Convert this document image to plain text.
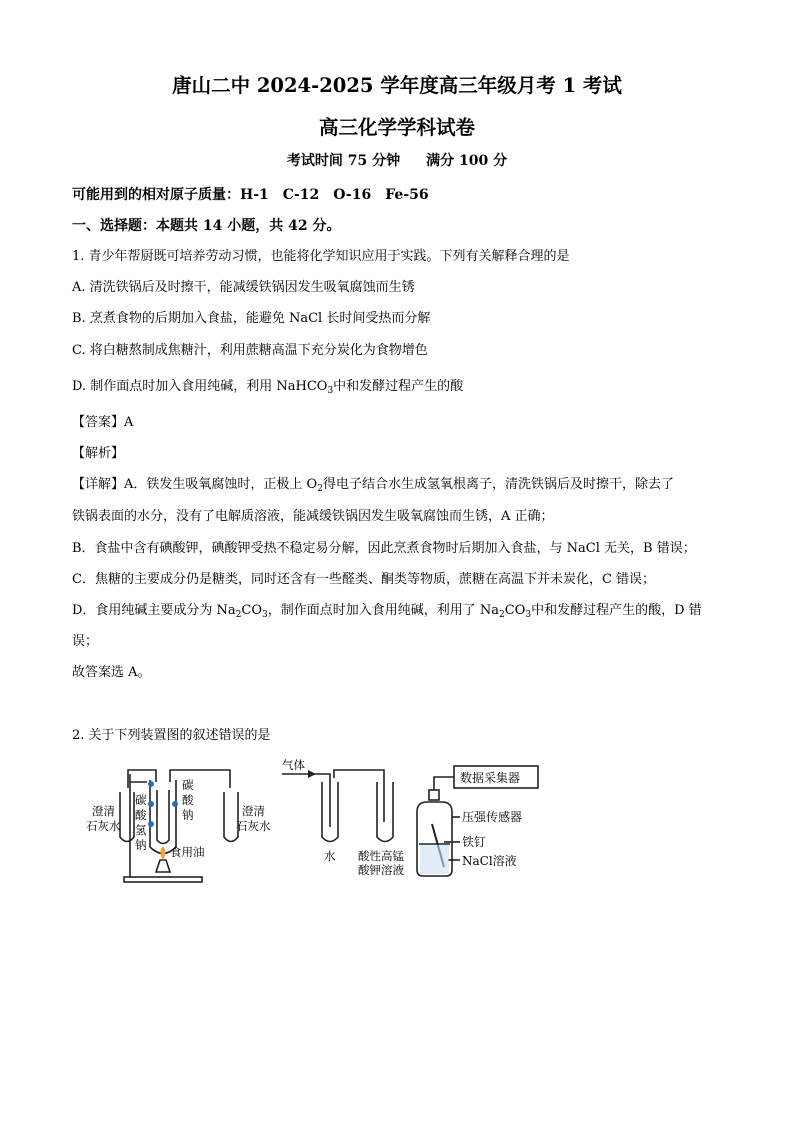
唐山二中 2024-2025 学年度高三年级月考 1 考试
高三化学学科试卷
考试时间 75 分钟 满分 100 分
可能用到的相对原子质量：H-1 C-12 O-16 Fe-56
一、选择题：本题共 14 小题，共 42 分。
1. 青少年帮厨既可培养劳动习惯，也能将化学知识应用于实践。下列有关解释合理的是
A. 清洗铁锅后及时擦干，能减缓铁锅因发生吸氧腐蚀而生锈
B. 烹煮食物的后期加入食盐，能避免 NaCl 长时间受热而分解
C. 将白糖熬制成焦糖汁，利用蔗糖高温下充分炭化为食物增色
D. 制作面点时加入食用纯碱，利用 NaHCO$_3$中和发酵过程产生的酸
【答案】A
【解析】
【详解】A．铁发生吸氧腐蚀时，正极上 $O_2$得电子结合水生成氢氧根离子，清洗铁锅后及时擦干，除去了
铁锅表面的水分，没有了电解质溶液，能减缓铁锅因发生吸氧腐蚀而生锈，A 正确；
B．食盐中含有碘酸钾，碘酸钾受热不稳定易分解，因此烹煮食物时后期加入食盐，与 NaCl 无关，B 错误；
C．焦糖的主要成分仍是糖类，同时还含有一些醛类、酮类等物质，蔗糖在高温下并未炭化，C 错误；
D．食用纯碱主要成分为 $Na_2CO_3$，制作面点时加入食用纯碱，利用了 $Na_2CO_3$中和发酵过程产生的酸，D 错
误；
故答案选 A。
2. 关于下列装置图的叙述错误的是
澄清
石灰水
碳
酸
钠
碳
酸
氢
钠 食用油
澄清
石灰水
气体
水 酸性高锰
酸钾溶液
数据采集器
压强传感器
铁钉
NaCl溶液
